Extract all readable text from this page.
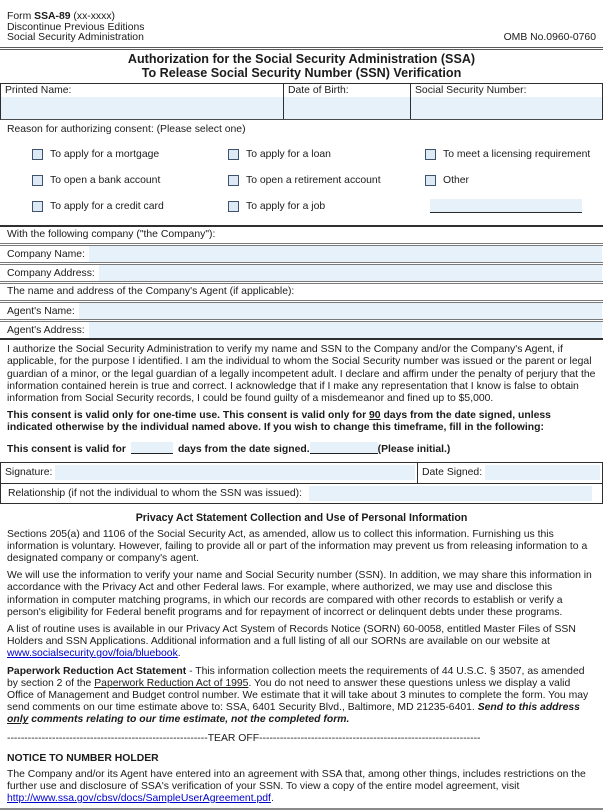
Form SSA-89 (xx-xxxx)
Discontinue Previous Editions
Social Security Administration	OMB No.0960-0760
Authorization for the Social Security Administration (SSA)
To Release Social Security Number (SSN) Verification
Printed Name:	Date of Birth:	Social Security Number:
Reason for authorizing consent: (Please select one)
To apply for a mortgage	To apply for a loan	To meet a licensing requirement
To open a bank account	To open a retirement account	Other
To apply for a credit card	To apply for a job
With the following company ("the Company"):
Company Name:
Company Address:
The name and address of the Company's Agent (if applicable):
Agent's Name:
Agent's Address:
I authorize the Social Security Administration to verify my name and SSN to the Company and/or the Company's Agent, if applicable, for the purpose I identified. I am the individual to whom the Social Security number was issued or the parent or legal guardian of a minor, or the legal guardian of a legally incompetent adult. I declare and affirm under the penalty of perjury that the information contained herein is true and correct. I acknowledge that if I make any representation that I know is false to obtain information from Social Security records, I could be found guilty of a misdemeanor and fined up to $5,000.
This consent is valid only for one-time use. This consent is valid only for 90 days from the date signed, unless indicated otherwise by the individual named above. If you wish to change this timeframe, fill in the following:
This consent is valid for	days from the date signed.	(Please initial.)
Signature:	Date Signed:
Relationship (if not the individual to whom the SSN was issued):
Privacy Act Statement Collection and Use of Personal Information
Sections 205(a) and 1106 of the Social Security Act, as amended, allow us to collect this information. Furnishing us this information is voluntary. However, failing to provide all or part of the information may prevent us from releasing information to a designated company or company's agent.
We will use the information to verify your name and Social Security number (SSN). In addition, we may share this information in accordance with the Privacy Act and other Federal laws. For example, where authorized, we may use and disclose this information in computer matching programs, in which our records are compared with other records to establish or verify a person's eligibility for Federal benefit programs and for repayment of incorrect or delinquent debts under these programs.
A list of routine uses is available in our Privacy Act System of Records Notice (SORN) 60-0058, entitled Master Files of SSN Holders and SSN Applications. Additional information and a full listing of all our SORNs are available on our website at www.socialsecurity.gov/foia/bluebook.
Paperwork Reduction Act Statement - This information collection meets the requirements of 44 U.S.C. § 3507, as amended by section 2 of the Paperwork Reduction Act of 1995. You do not need to answer these questions unless we display a valid Office of Management and Budget control number. We estimate that it will take about 3 minutes to complete the form. You may send comments on our time estimate above to: SSA, 6401 Security Blvd., Baltimore, MD 21235-6401. Send to this address only comments relating to our time estimate, not the completed form.
----------------------------------------------------------TEAR OFF----------------------------------------------------------------
NOTICE TO NUMBER HOLDER
The Company and/or its Agent have entered into an agreement with SSA that, among other things, includes restrictions on the further use and disclosure of SSA's verification of your SSN. To view a copy of the entire model agreement, visit http://www.ssa.gov/cbsv/docs/SampleUserAgreement.pdf.
